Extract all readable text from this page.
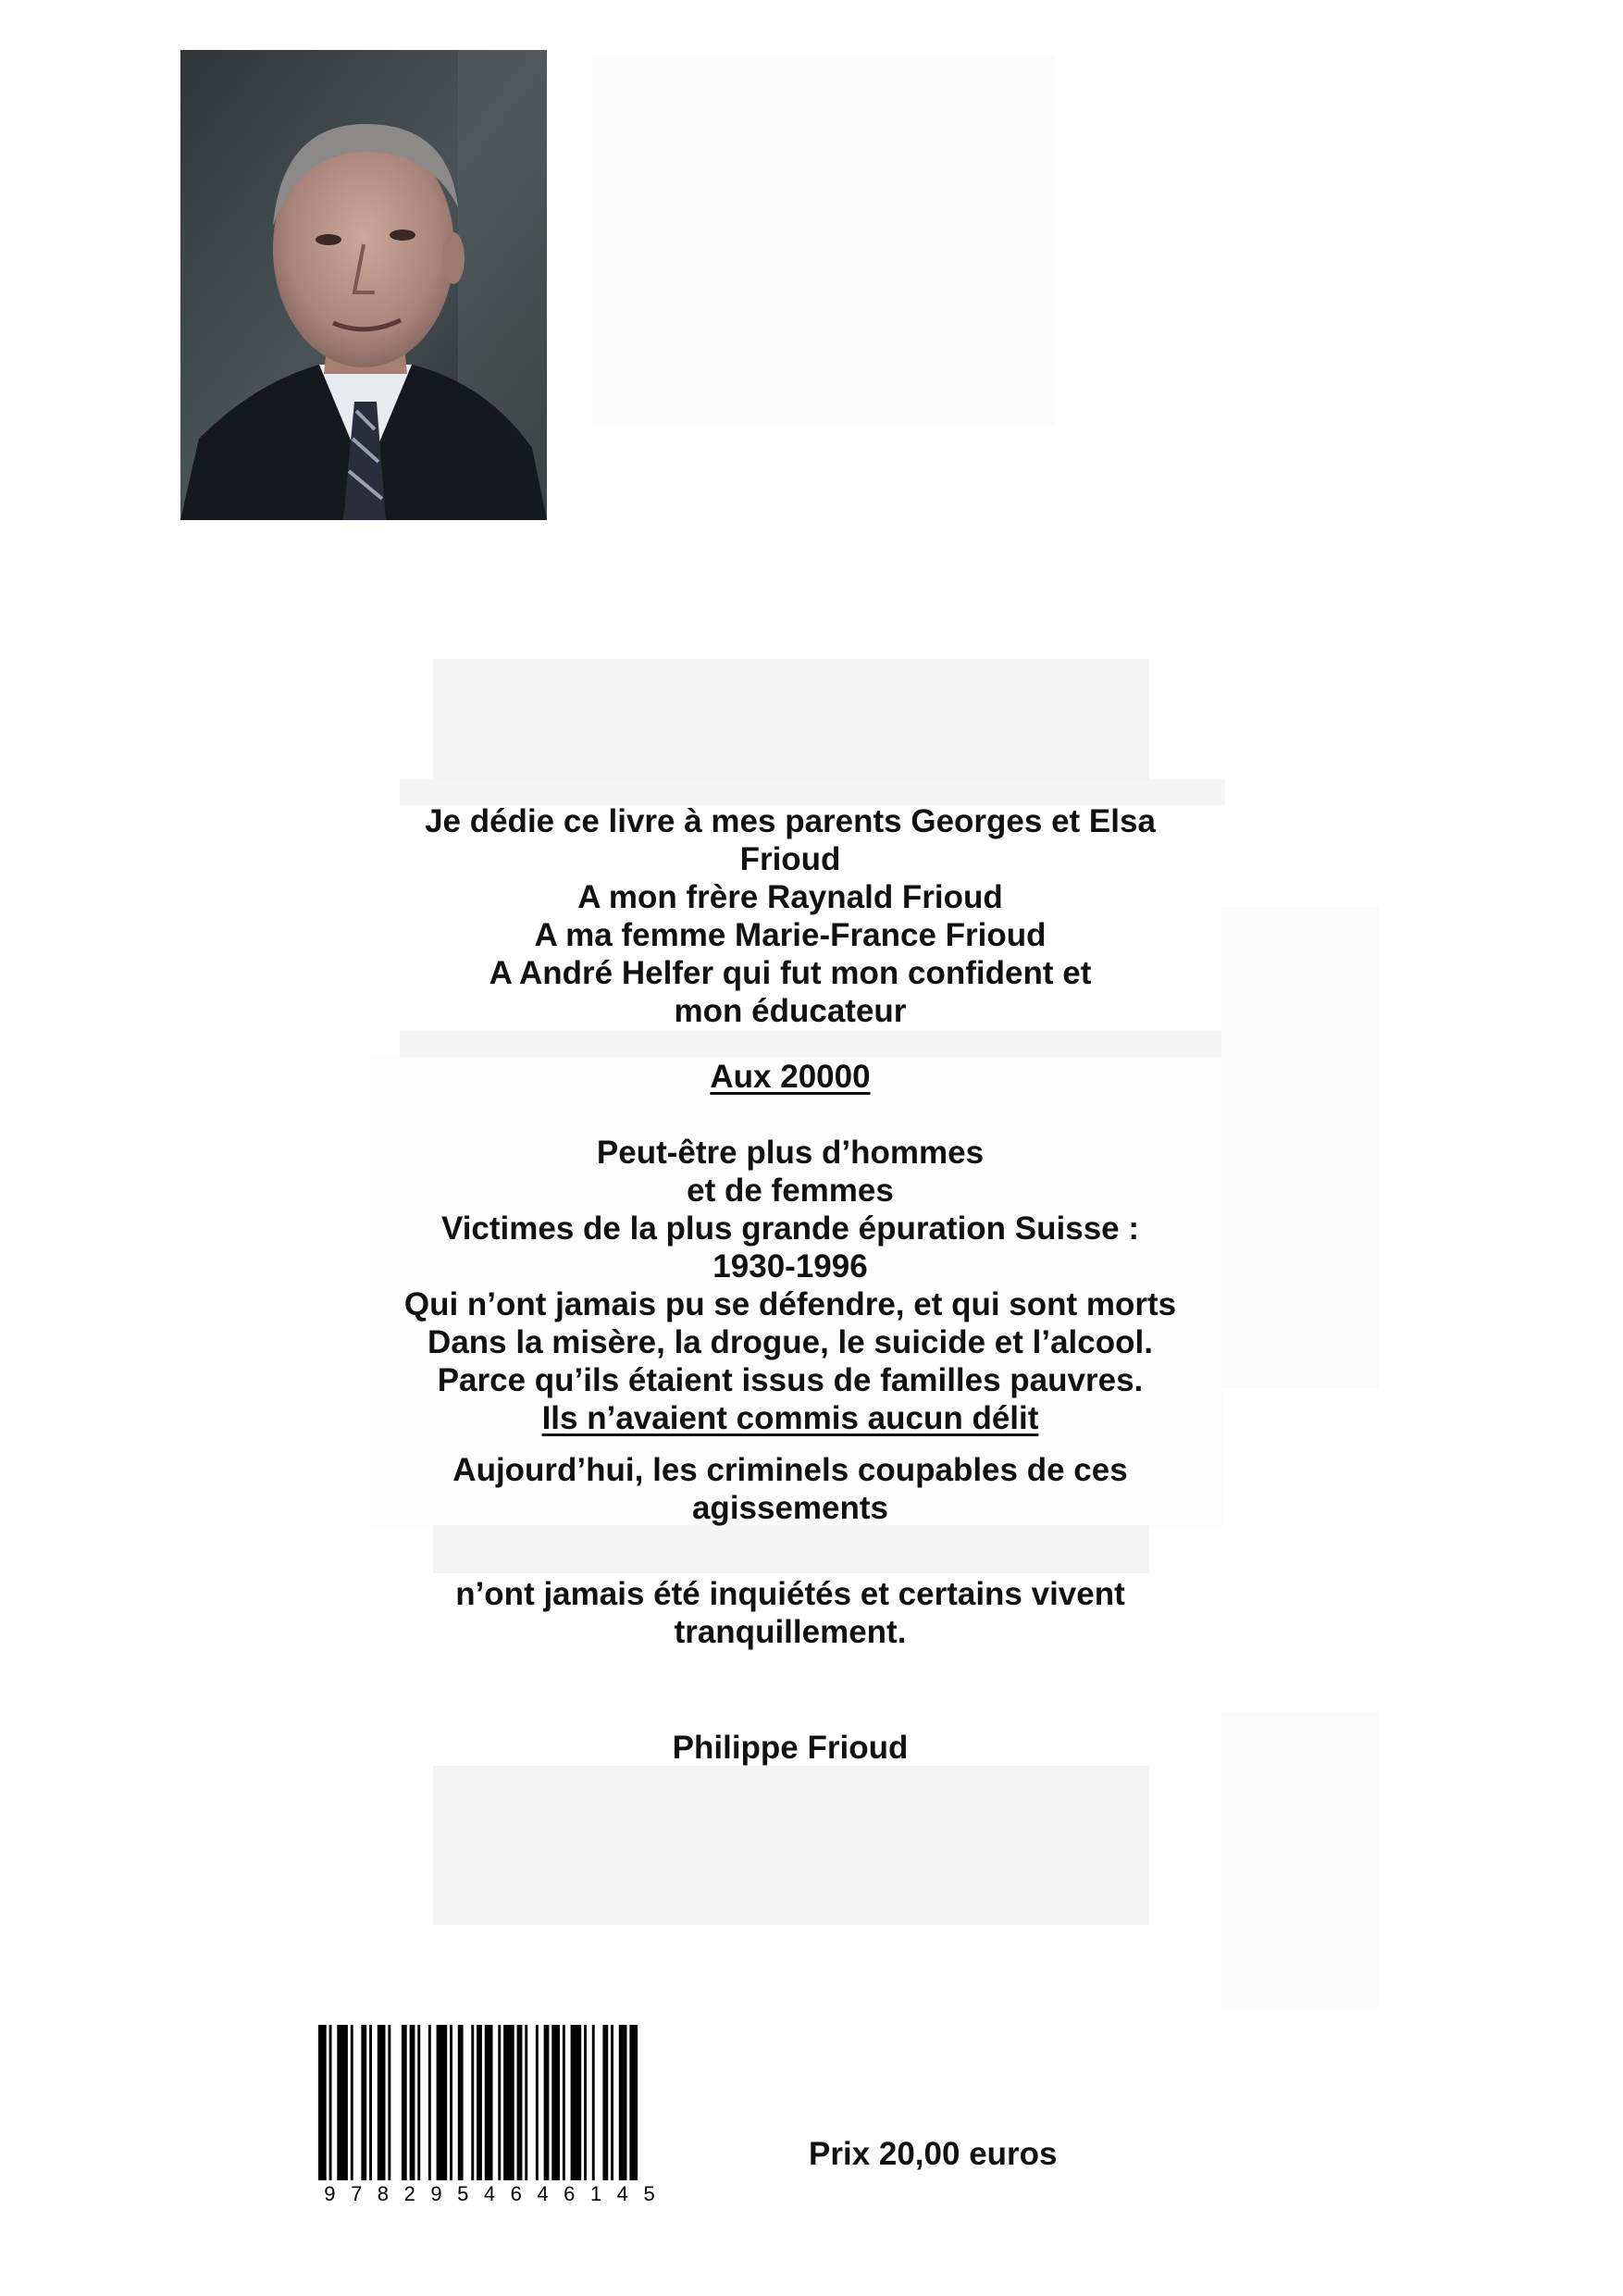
Je dédie ce livre à mes parents Georges et Elsa
Frioud
A mon frère Raynald Frioud
A ma femme Marie-France Frioud
A André Helfer qui fut mon confident et
mon éducateur
Aux 20000
Peut-être plus d’hommes
et de femmes
Victimes de la plus grande épuration Suisse :
1930-1996
Qui n’ont jamais pu se défendre, et qui sont morts
Dans la misère, la drogue, le suicide et l’alcool.
Parce qu’ils étaient issus de familles pauvres.
Ils n’avaient commis aucun délit
Aujourd’hui, les criminels coupables de ces
agissements
n’ont jamais été inquiétés et certains vivent
tranquillement.
Philippe Frioud
9 7 8 2 9 5 4 6 4 6 1 4 5
Prix 20,00 euros
